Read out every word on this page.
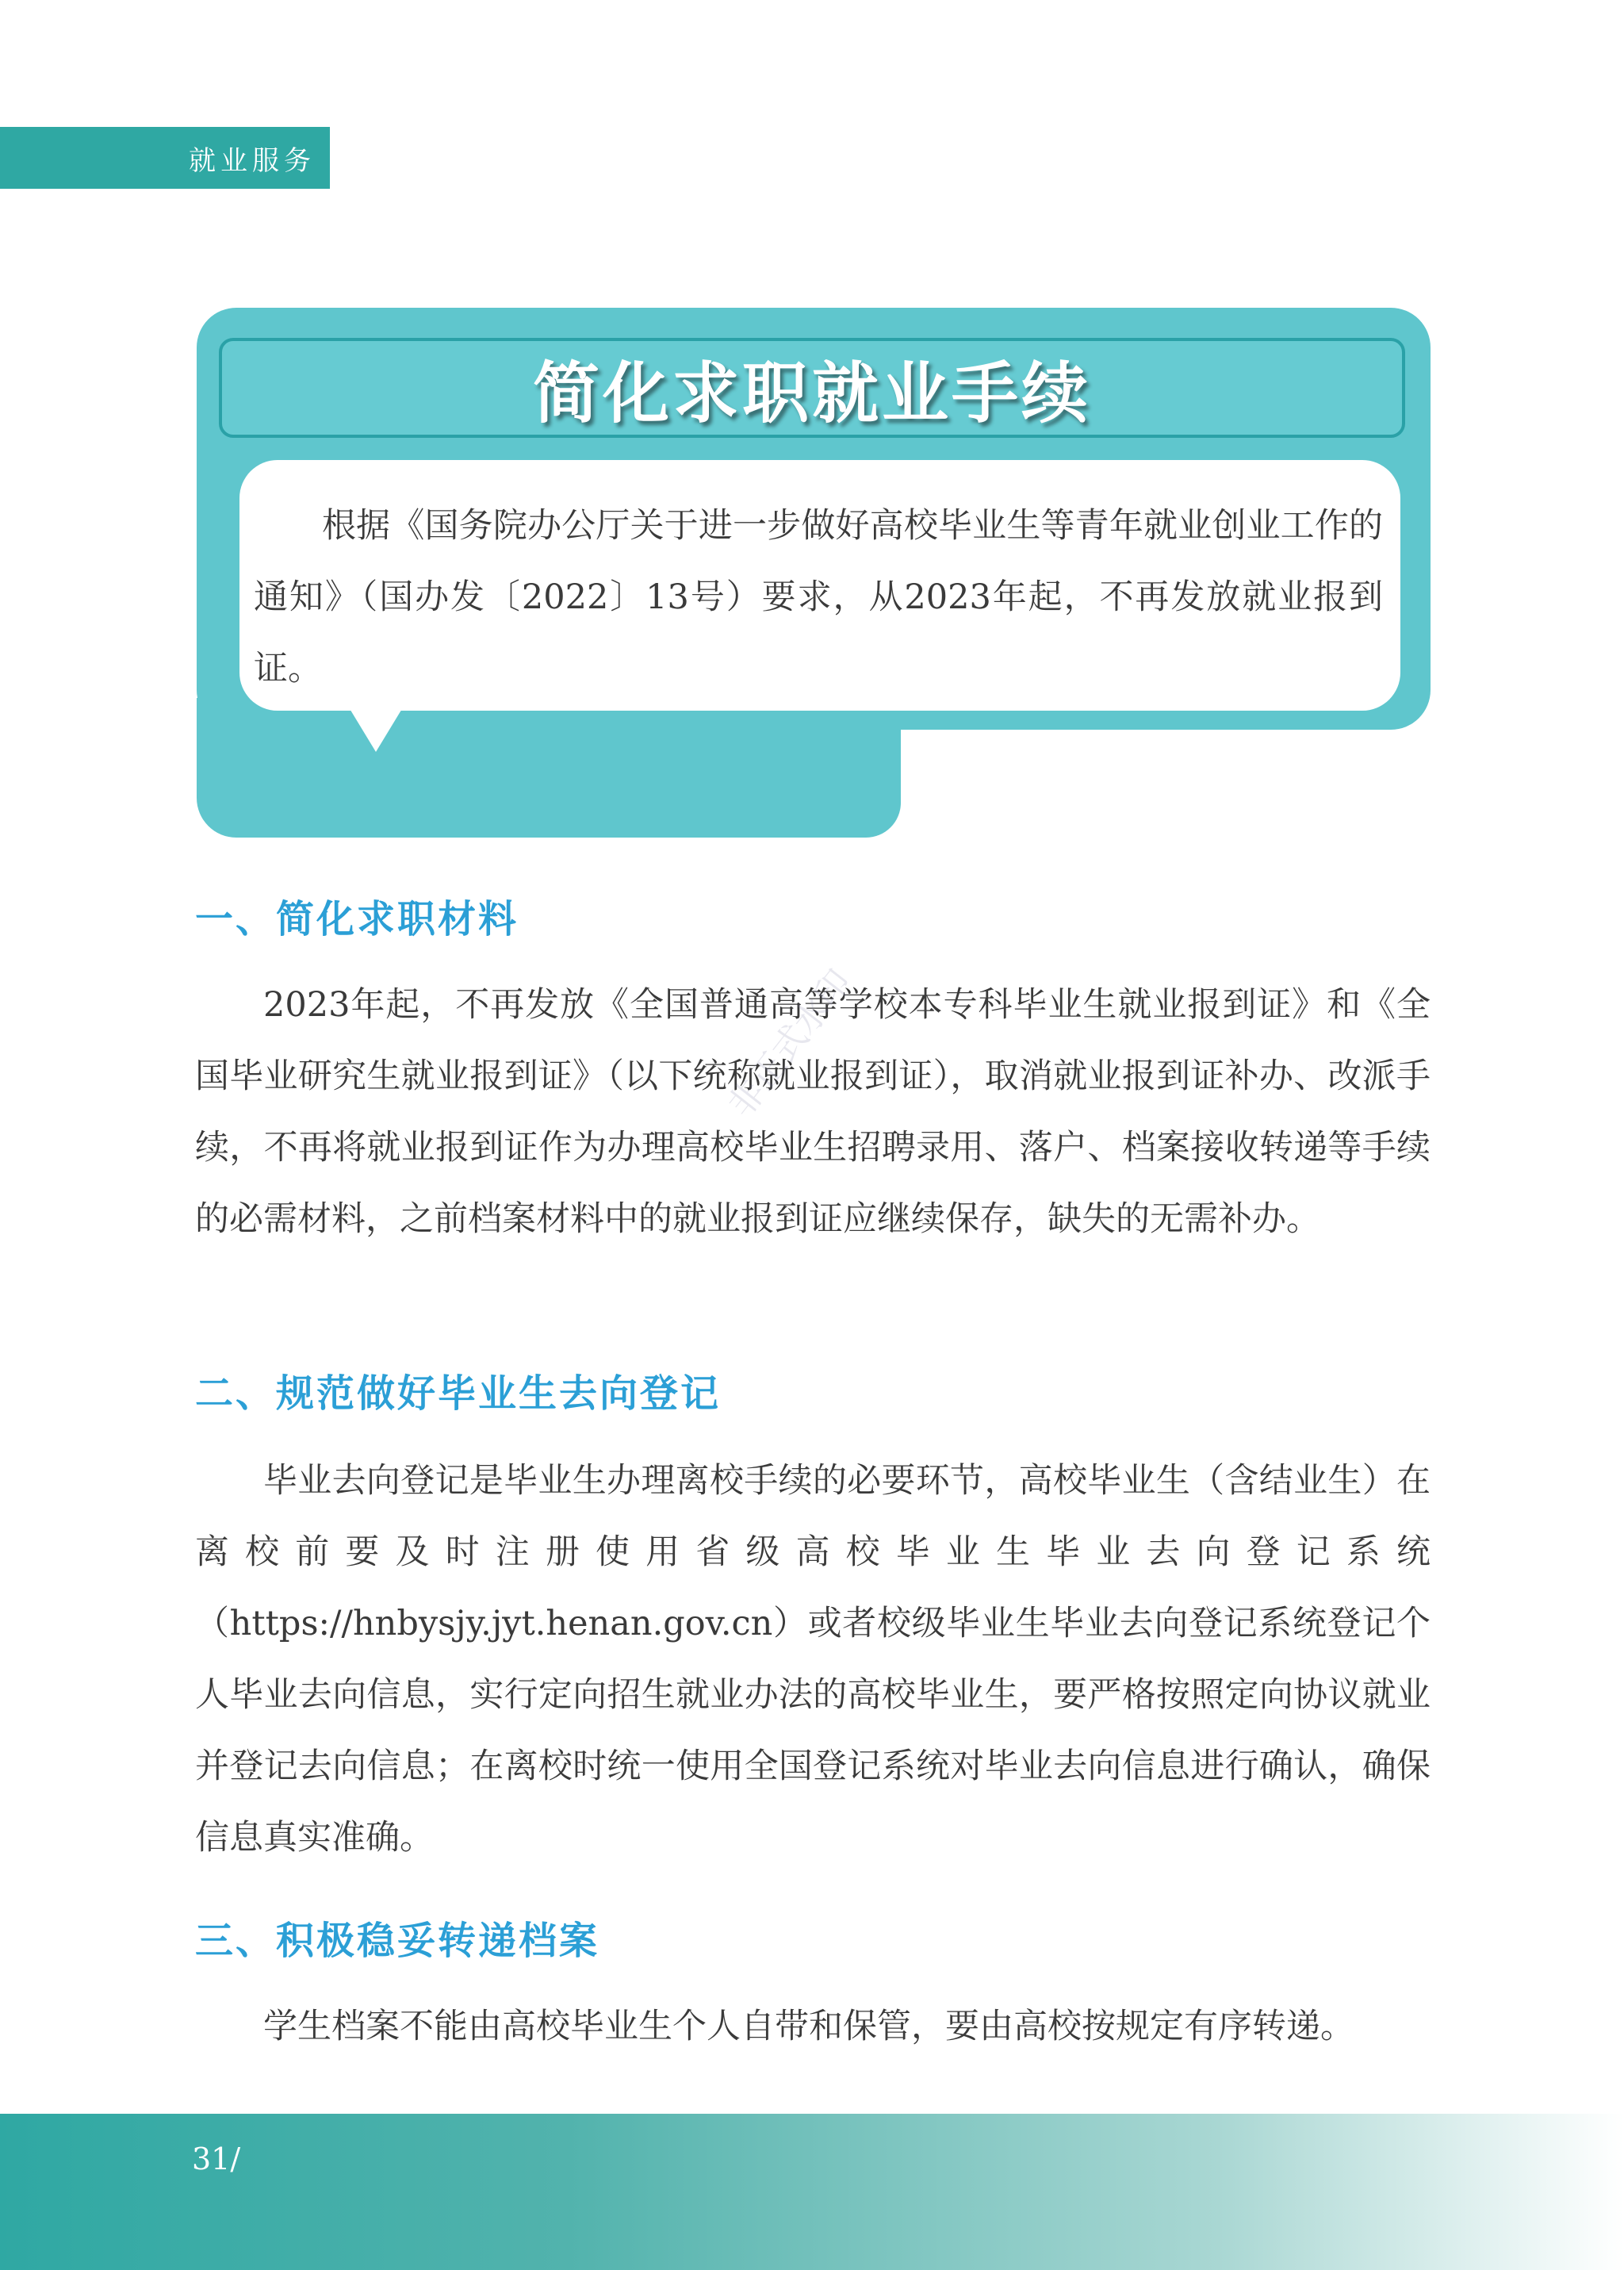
就业服务
简化求职就业手续

根据《国务院办公厅关于进一步做好高校毕业生等青年就业创业工作的通知》（国办发〔2022〕13号）要求，从2023年起，不再发放就业报到证。

一、简化求职材料

2023年起，不再发放《全国普通高等学校本专科毕业生就业报到证》和《全国毕业研究生就业报到证》（以下统称就业报到证），取消就业报到证补办、改派手续，不再将就业报到证作为办理高校毕业生招聘录用、落户、档案接收转递等手续的必需材料，之前档案材料中的就业报到证应继续保存，缺失的无需补办。

二、规范做好毕业生去向登记

毕业去向登记是毕业生办理离校手续的必要环节，高校毕业生（含结业生）在离校前要及时注册使用省级高校毕业生毕业去向登记系统（https://hnbysjy.jyt.henan.gov.cn）或者校级毕业生毕业去向登记系统登记个人毕业去向信息，实行定向招生就业办法的高校毕业生，要严格按照定向协议就业并登记去向信息；在离校时统一使用全国登记系统对毕业去向信息进行确认，确保信息真实准确。

三、积极稳妥转递档案

学生档案不能由高校毕业生个人自带和保管，要由高校按规定有序转递。

非正式水印
31/
